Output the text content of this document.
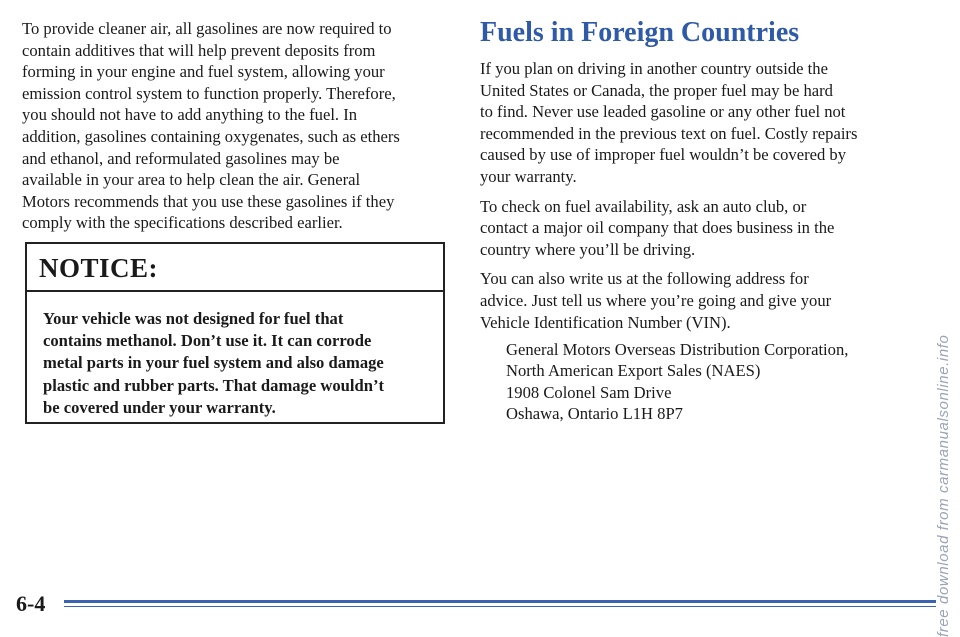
To provide cleaner air, all gasolines are now required to
contain additives that will help prevent deposits from
forming in your engine and fuel system, allowing your
emission control system to function properly. Therefore,
you should not have to add anything to the fuel. In
addition, gasolines containing oxygenates, such as ethers
and ethanol, and reformulated gasolines may be
available in your area to help clean the air. General
Motors recommends that you use these gasolines if they
comply with the specifications described earlier.

NOTICE:
Your vehicle was not designed for fuel that
contains methanol. Don’t use it. It can corrode
metal parts in your fuel system and also damage
plastic and rubber parts. That damage wouldn’t
be covered under your warranty.
Fuels in Foreign Countries

If you plan on driving in another country outside the
United States or Canada, the proper fuel may be hard
to find. Never use leaded gasoline or any other fuel not
recommended in the previous text on fuel. Costly repairs
caused by use of improper fuel wouldn’t be covered by
your warranty.

To check on fuel availability, ask an auto club, or
contact a major oil company that does business in the
country where you’ll be driving.

You can also write us at the following address for
advice. Just tell us where you’re going and give your
Vehicle Identification Number (VIN).

General Motors Overseas Distribution Corporation,
North American Export Sales (NAES)
1908 Colonel Sam Drive
Oshawa, Ontario L1H 8P7
6-4	free download from carmanualsonline.info
